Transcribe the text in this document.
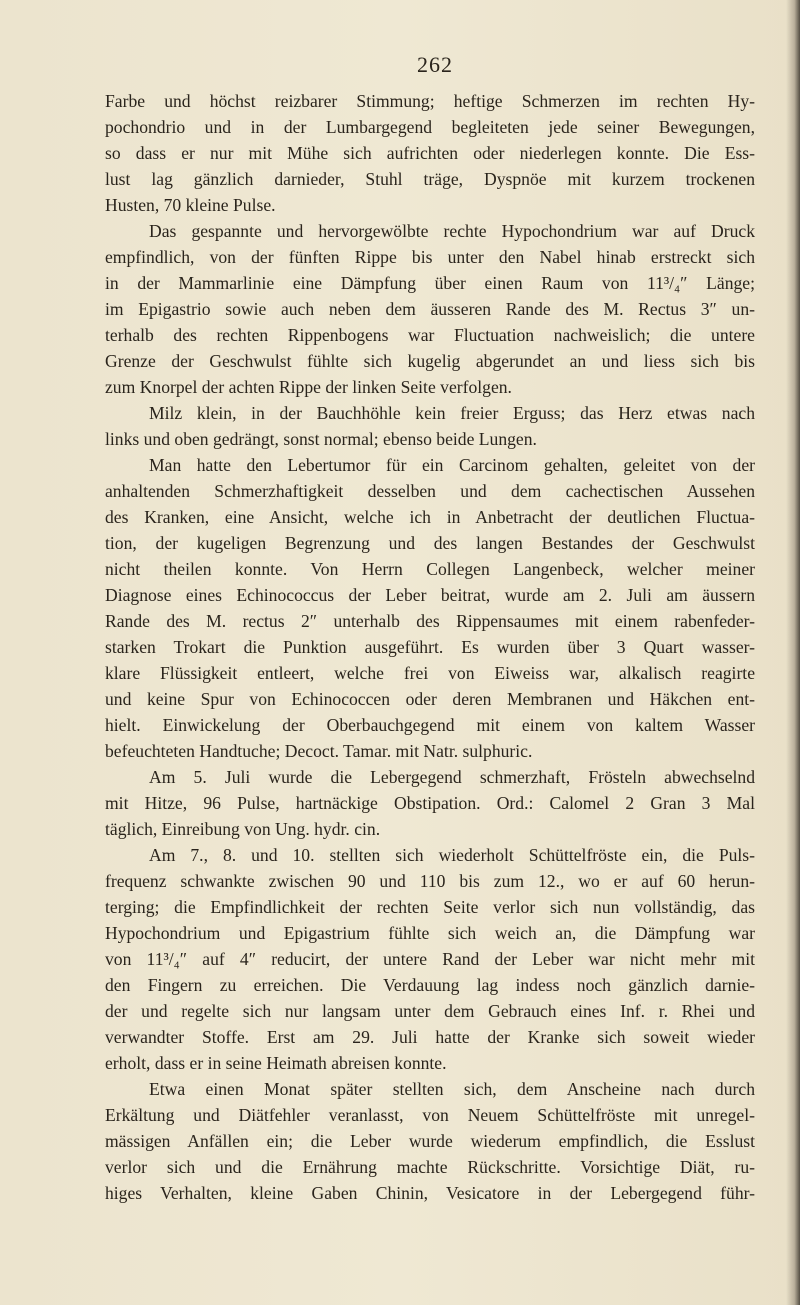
262
Farbe und höchst reizbarer Stimmung; heftige Schmerzen im rechten Hy-
pochondrio und in der Lumbargegend begleiteten jede seiner Bewegungen,
so dass er nur mit Mühe sich aufrichten oder niederlegen konnte. Die Ess-
lust lag gänzlich darnieder, Stuhl träge, Dyspnöe mit kurzem trockenen
Husten, 70 kleine Pulse.
Das gespannte und hervorgewölbte rechte Hypochondrium war auf Druck
empfindlich, von der fünften Rippe bis unter den Nabel hinab erstreckt sich
in der Mammarlinie eine Dämpfung über einen Raum von 11³/₄″ Länge;
im Epigastrio sowie auch neben dem äusseren Rande des M. Rectus 3″ un-
terhalb des rechten Rippenbogens war Fluctuation nachweislich; die untere
Grenze der Geschwulst fühlte sich kugelig abgerundet an und liess sich bis
zum Knorpel der achten Rippe der linken Seite verfolgen.
Milz klein, in der Bauchhöhle kein freier Erguss; das Herz etwas nach
links und oben gedrängt, sonst normal; ebenso beide Lungen.
Man hatte den Lebertumor für ein Carcinom gehalten, geleitet von der
anhaltenden Schmerzhaftigkeit desselben und dem cachectischen Aussehen
des Kranken, eine Ansicht, welche ich in Anbetracht der deutlichen Fluctua-
tion, der kugeligen Begrenzung und des langen Bestandes der Geschwulst
nicht theilen konnte. Von Herrn Collegen Langenbeck, welcher meiner
Diagnose eines Echinococcus der Leber beitrat, wurde am 2. Juli am äussern
Rande des M. rectus 2″ unterhalb des Rippensaumes mit einem rabenfeder-
starken Trokart die Punktion ausgeführt. Es wurden über 3 Quart wasser-
klare Flüssigkeit entleert, welche frei von Eiweiss war, alkalisch reagirte
und keine Spur von Echinococcen oder deren Membranen und Häkchen ent-
hielt. Einwickelung der Oberbauchgegend mit einem von kaltem Wasser
befeuchteten Handtuche; Decoct. Tamar. mit Natr. sulphuric.
Am 5. Juli wurde die Lebergegend schmerzhaft, Frösteln abwechselnd
mit Hitze, 96 Pulse, hartnäckige Obstipation. Ord.: Calomel 2 Gran 3 Mal
täglich, Einreibung von Ung. hydr. cin.
Am 7., 8. und 10. stellten sich wiederholt Schüttelfröste ein, die Puls-
frequenz schwankte zwischen 90 und 110 bis zum 12., wo er auf 60 herun-
terging; die Empfindlichkeit der rechten Seite verlor sich nun vollständig, das
Hypochondrium und Epigastrium fühlte sich weich an, die Dämpfung war
von 11³/₄″ auf 4″ reducirt, der untere Rand der Leber war nicht mehr mit
den Fingern zu erreichen. Die Verdauung lag indess noch gänzlich darnie-
der und regelte sich nur langsam unter dem Gebrauch eines Inf. r. Rhei und
verwandter Stoffe. Erst am 29. Juli hatte der Kranke sich soweit wieder
erholt, dass er in seine Heimath abreisen konnte.
Etwa einen Monat später stellten sich, dem Anscheine nach durch
Erkältung und Diätfehler veranlasst, von Neuem Schüttelfröste mit unregel-
mässigen Anfällen ein; die Leber wurde wiederum empfindlich, die Esslust
verlor sich und die Ernährung machte Rückschritte. Vorsichtige Diät, ru-
higes Verhalten, kleine Gaben Chinin, Vesicatore in der Lebergegend führ-
